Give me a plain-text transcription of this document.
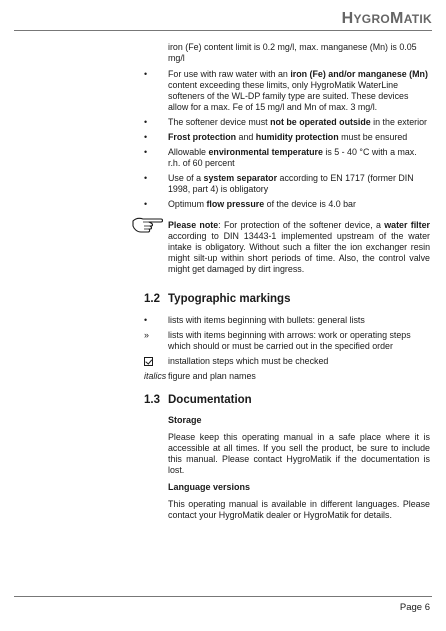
HYGROMATIK

iron (Fe) content limit is 0.2 mg/l, max. manganese (Mn) is 0.05 mg/l

• For use with raw water with an iron (Fe) and/or manganese (Mn) content exceeding these limits, only HygroMatik WaterLine softeners of the WL-DP family type are suited. These devices allow for a max. Fe of 15 mg/l and Mn of max. 3 mg/l.
• The softener device must not be operated outside in the exterior
• Frost protection and humidity protection must be ensured
• Allowable environmental temperature is 5 - 40 °C with a max. r.h. of 60 percent
• Use of a system separator according to EN 1717 (former DIN 1998, part 4) is obligatory
• Optimum flow pressure of the device is 4.0 bar

Please note: For protection of the softener device, a water filter according to DIN 13443-1 implemented upstream of the water intake is obligatory. Without such a filter the ion exchanger resin might silt-up within short periods of time. Also, the control valve might get damaged by dirt ingress.

1.2 Typographic markings
•	lists with items beginning with bullets: general lists
»	lists with items beginning with arrows: work or operating steps which should or must be carried out in the specified order
installation steps which must be checked
italics figure and plan names
1.3 Documentation
Storage

Please keep this operating manual in a safe place where it is accessible at all times. If you sell the product, be sure to include this manual. Please contact HygroMatik if the documentation is lost.

Language versions

This operating manual is available in different languages. Please contact your HygroMatik dealer or HygroMatik for details.

Page 6
